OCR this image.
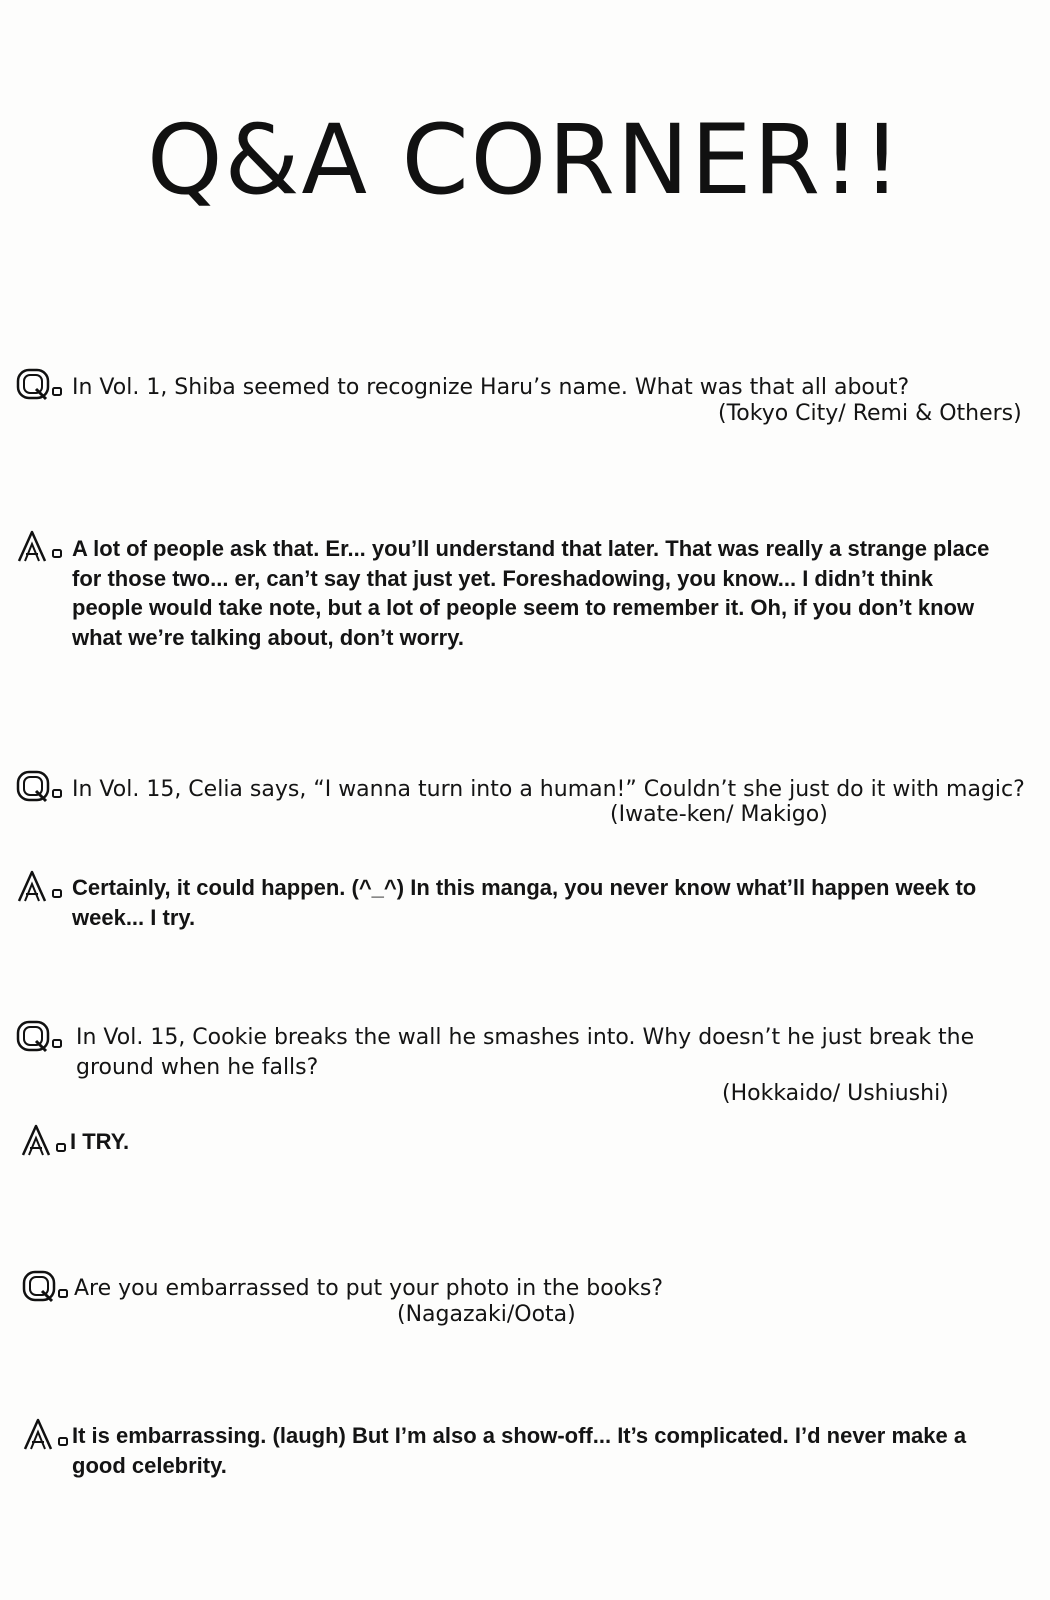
Q&A CORNER!!
In Vol. 1, Shiba seemed to recognize Haru’s name. What was that all about?
(Tokyo City/ Remi & Others)
A lot of people ask that. Er... you’ll understand that later. That was really a strange place for those two... er, can’t say that just yet. Foreshadowing, you know... I didn’t think people would take note, but a lot of people seem to remember it. Oh, if you don’t know what we’re talking about, don’t worry.
In Vol. 15, Celia says, “I wanna turn into a human!” Couldn’t she just do it with magic?
(Iwate-ken/ Makigo)
Certainly, it could happen. (^_^) In this manga, you never know what’ll happen week to week... I try.
In Vol. 15, Cookie breaks the wall he smashes into. Why doesn’t he just break the ground when he falls?
(Hokkaido/ Ushiushi)
I TRY.
Are you embarrassed to put your photo in the books?
(Nagazaki/Oota)
It is embarrassing. (laugh) But I’m also a show-off... It’s complicated. I’d never make a good celebrity.
